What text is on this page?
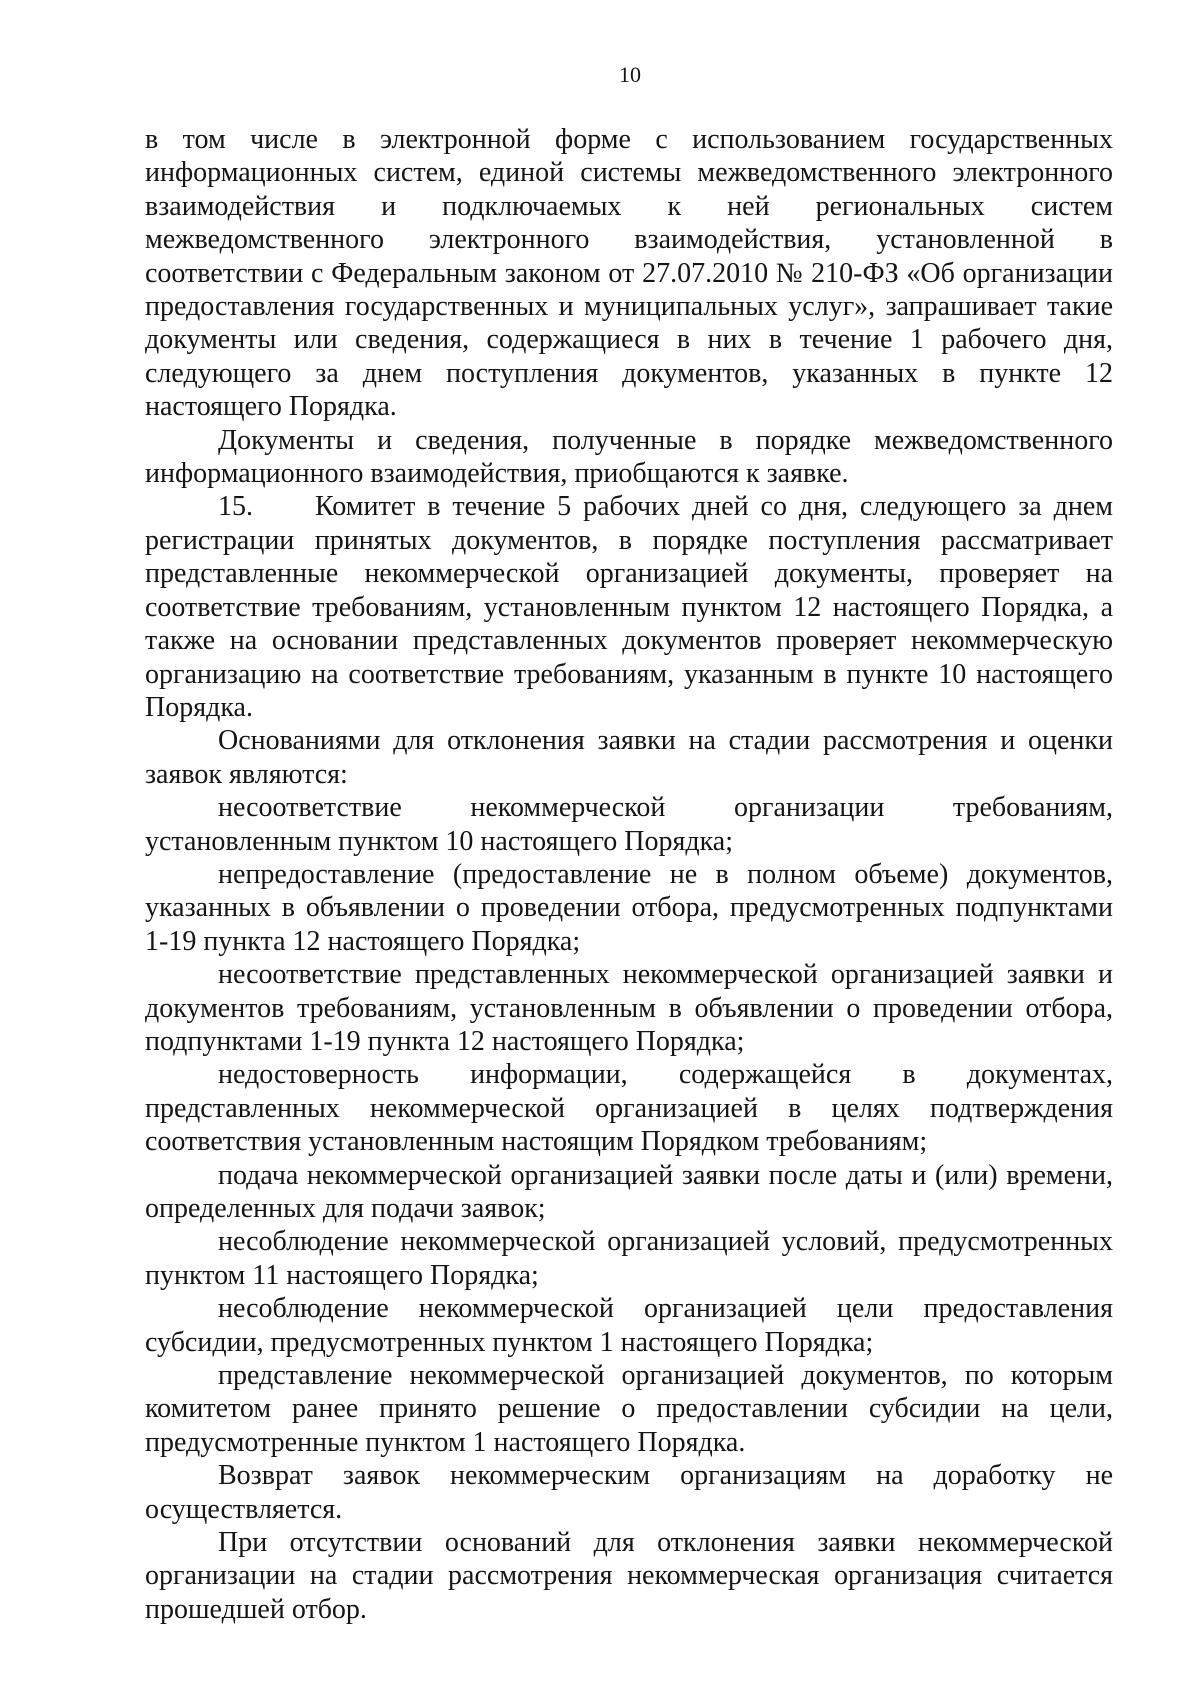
10

в том числе в электронной форме с использованием государственных информационных систем, единой системы межведомственного электронного взаимодействия и подключаемых к ней региональных систем межведомственного электронного взаимодействия, установленной в соответствии с Федеральным законом от 27.07.2010 № 210-ФЗ «Об организации предоставления государственных и муниципальных услуг», запрашивает такие документы или сведения, содержащиеся в них в течение 1 рабочего дня, следующего за днем поступления документов, указанных в пункте 12 настоящего Порядка.

Документы и сведения, полученные в порядке межведомственного информационного взаимодействия, приобщаются к заявке.

15. Комитет в течение 5 рабочих дней со дня, следующего за днем регистрации принятых документов, в порядке поступления рассматривает представленные некоммерческой организацией документы, проверяет на соответствие требованиям, установленным пунктом 12 настоящего Порядка, а также на основании представленных документов проверяет некоммерческую организацию на соответствие требованиям, указанным в пункте 10 настоящего Порядка.

Основаниями для отклонения заявки на стадии рассмотрения и оценки заявок являются:

несоответствие некоммерческой организации требованиям, установленным пунктом 10 настоящего Порядка;

непредоставление (предоставление не в полном объеме) документов, указанных в объявлении о проведении отбора, предусмотренных подпунктами 1-19 пункта 12 настоящего Порядка;

несоответствие представленных некоммерческой организацией заявки и документов требованиям, установленным в объявлении о проведении отбора, подпунктами 1-19 пункта 12 настоящего Порядка;

недостоверность информации, содержащейся в документах, представленных некоммерческой организацией в целях подтверждения соответствия установленным настоящим Порядком требованиям;

подача некоммерческой организацией заявки после даты и (или) времени, определенных для подачи заявок;

несоблюдение некоммерческой организацией условий, предусмотренных пунктом 11 настоящего Порядка;

несоблюдение некоммерческой организацией цели предоставления субсидии, предусмотренных пунктом 1 настоящего Порядка;

представление некоммерческой организацией документов, по которым комитетом ранее принято решение о предоставлении субсидии на цели, предусмотренные пунктом 1 настоящего Порядка.

Возврат заявок некоммерческим организациям на доработку не осуществляется.

При отсутствии оснований для отклонения заявки некоммерческой организации на стадии рассмотрения некоммерческая организация считается прошедшей отбор.
